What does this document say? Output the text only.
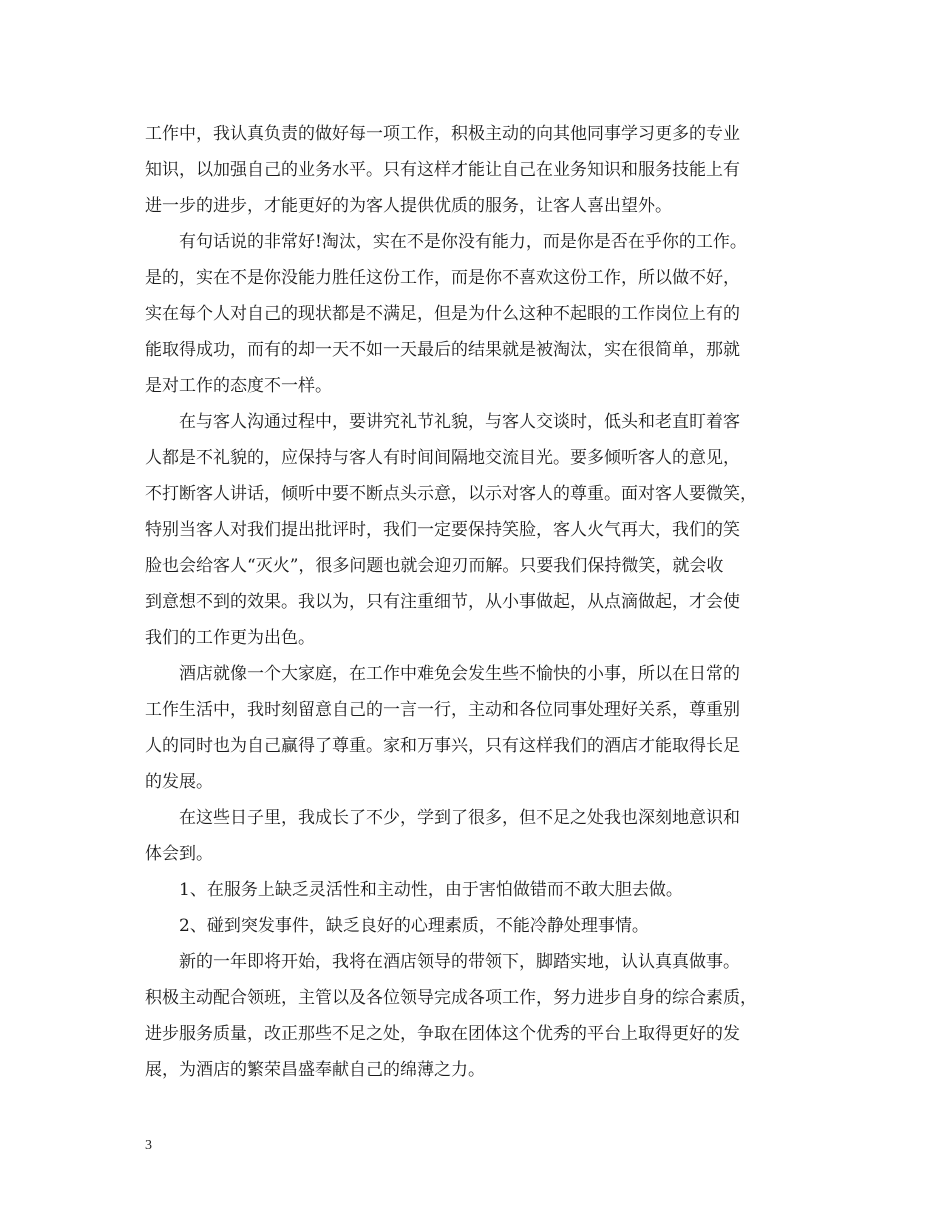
工作中，我认真负责的做好每一项工作，积极主动的向其他同事学习更多的专业
知识，以加强自己的业务水平。只有这样才能让自己在业务知识和服务技能上有
进一步的进步，才能更好的为客人提供优质的服务，让客人喜出望外。
有句话说的非常好!淘汰，实在不是你没有能力，而是你是否在乎你的工作。
是的，实在不是你没能力胜任这份工作，而是你不喜欢这份工作，所以做不好，
实在每个人对自己的现状都是不满足，但是为什么这种不起眼的工作岗位上有的
能取得成功，而有的却一天不如一天最后的结果就是被淘汰，实在很简单，那就
是对工作的态度不一样。
在与客人沟通过程中，要讲究礼节礼貌，与客人交谈时，低头和老直盯着客
人都是不礼貌的，应保持与客人有时间间隔地交流目光。要多倾听客人的意见，
不打断客人讲话，倾听中要不断点头示意，以示对客人的尊重。面对客人要微笑，
特别当客人对我们提出批评时，我们一定要保持笑脸，客人火气再大，我们的笑
脸也会给客人“灭火”，很多问题也就会迎刃而解。只要我们保持微笑，就会收
到意想不到的效果。我以为，只有注重细节，从小事做起，从点滴做起，才会使
我们的工作更为出色。
酒店就像一个大家庭，在工作中难免会发生些不愉快的小事，所以在日常的
工作生活中，我时刻留意自己的一言一行，主动和各位同事处理好关系，尊重别
人的同时也为自己赢得了尊重。家和万事兴，只有这样我们的酒店才能取得长足
的发展。
在这些日子里，我成长了不少，学到了很多，但不足之处我也深刻地意识和
体会到。
1、在服务上缺乏灵活性和主动性，由于害怕做错而不敢大胆去做。
2、碰到突发事件，缺乏良好的心理素质，不能冷静处理事情。
新的一年即将开始，我将在酒店领导的带领下，脚踏实地，认认真真做事。
积极主动配合领班，主管以及各位领导完成各项工作，努力进步自身的综合素质，
进步服务质量，改正那些不足之处，争取在团体这个优秀的平台上取得更好的发
展，为酒店的繁荣昌盛奉献自己的绵薄之力。
3
